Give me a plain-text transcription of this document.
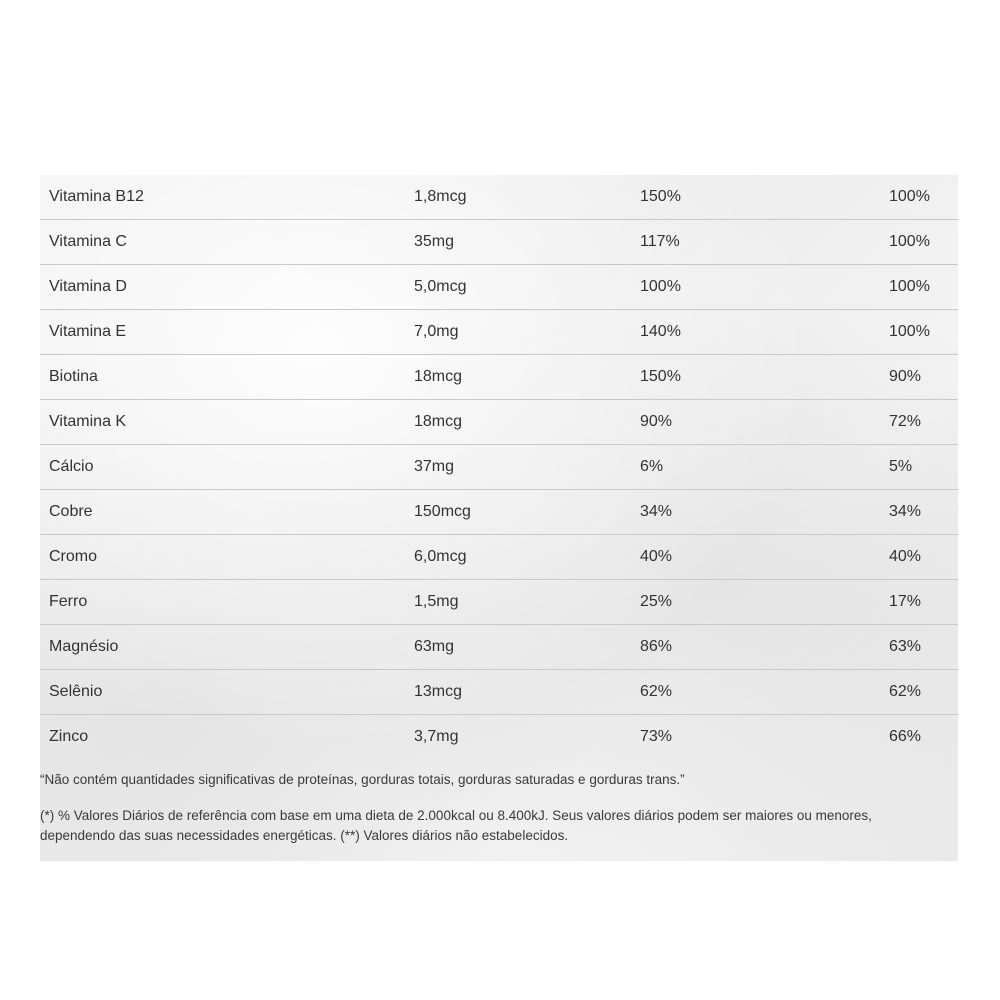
Vitamina B12	1,8mcg	150%	100%
Vitamina C	35mg	117%	100%
Vitamina D	5,0mcg	100%	100%
Vitamina E	7,0mg	140%	100%
Biotina	18mcg	150%	90%
Vitamina K	18mcg	90%	72%
Cálcio	37mg	6%	5%
Cobre	150mcg	34%	34%
Cromo	6,0mcg	40%	40%
Ferro	1,5mg	25%	17%
Magnésio	63mg	86%	63%
Selênio	13mcg	62%	62%
Zinco	3,7mg	73%	66%

“Não contém quantidades significativas de proteínas, gorduras totais, gorduras saturadas e gorduras trans.”

(*) % Valores Diários de referência com base em uma dieta de 2.000kcal ou 8.400kJ. Seus valores diários podem ser maiores ou menores, dependendo das suas necessidades energéticas. (**) Valores diários não estabelecidos.
